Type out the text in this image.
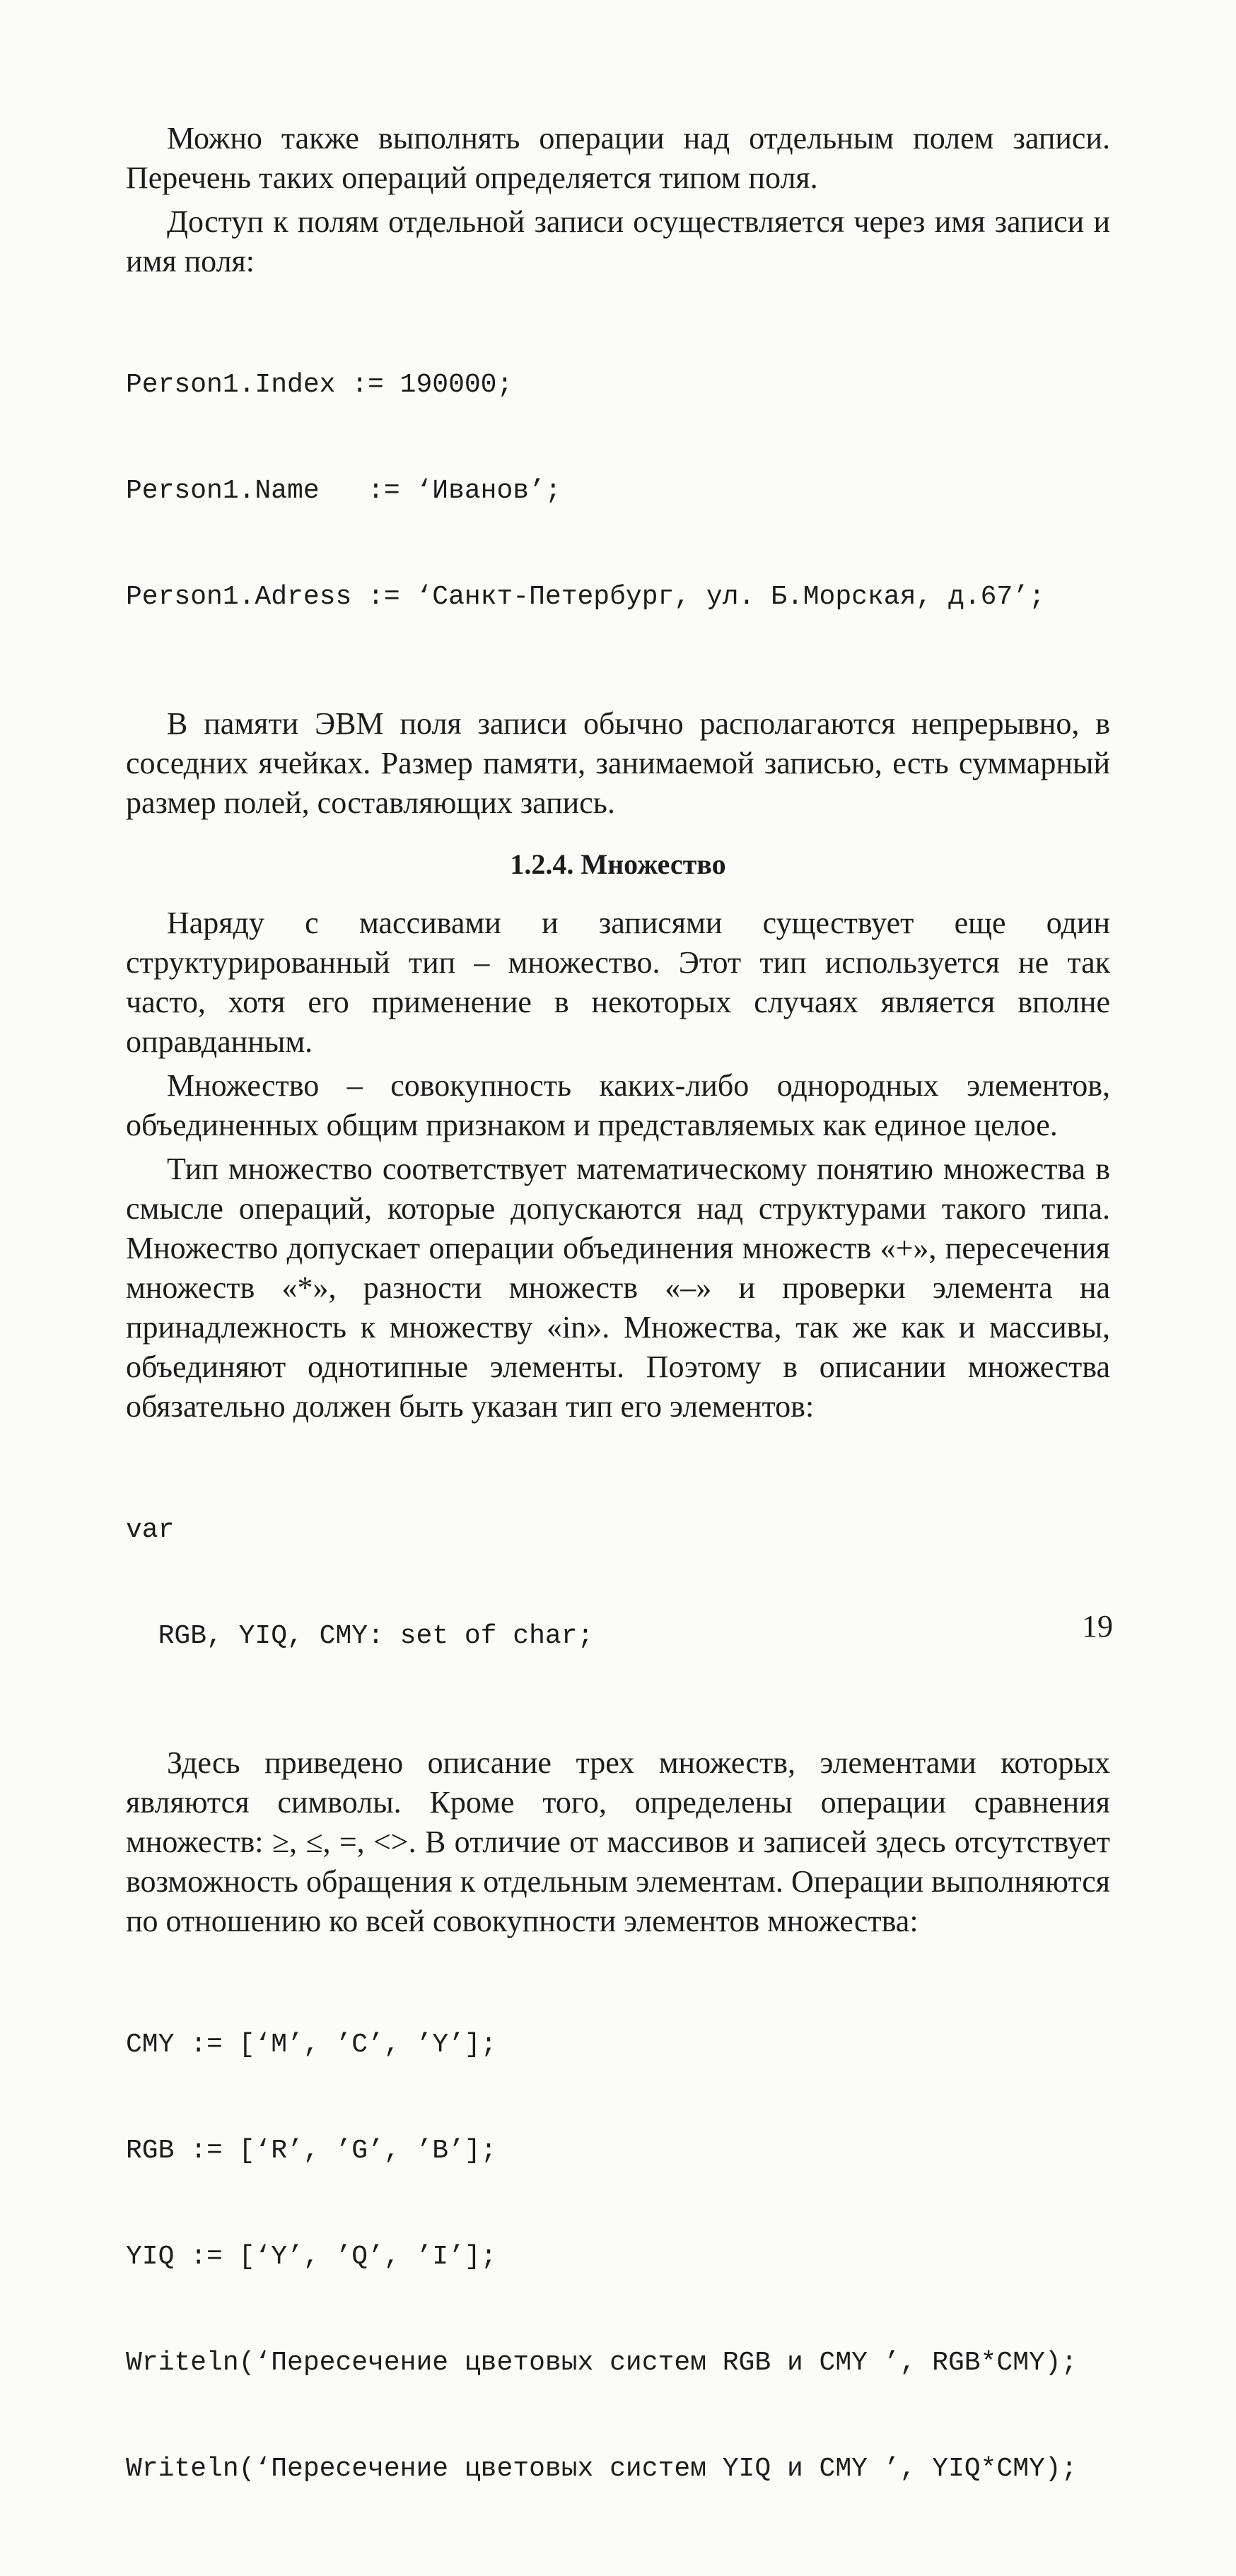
Можно также выполнять операции над отдельным полем записи. Перечень таких операций определяется типом поля.

Доступ к полям отдельной записи осуществляется через имя записи и имя поля:

Person1.Index := 190000;

Person1.Name   := ‘Иванов’;

Person1.Adress := ‘Санкт-Петербург, ул. Б.Морская, д.67’;

В памяти ЭВМ поля записи обычно располагаются непрерывно, в соседних ячейках. Размер памяти, занимаемой записью, есть суммарный размер полей, составляющих запись.

1.2.4. Множество

Наряду с массивами и записями существует еще один структурированный тип – множество. Этот тип используется не так часто, хотя его применение в некоторых случаях является вполне оправданным.

Множество – совокупность каких-либо однородных элементов, объединенных общим признаком и представляемых как единое целое.

Тип множество соответствует математическому понятию множества в смысле операций, которые допускаются над структурами такого типа. Множество допускает операции объединения множеств «+», пересечения множеств «*», разности множеств «–» и проверки элемента на принадлежность к множеству «in». Множества, так же как и массивы, объединяют однотипные элементы. Поэтому в описании множества обязательно должен быть указан тип его элементов:

var

RGB, YIQ, CMY: set of char;

Здесь приведено описание трех множеств, элементами которых являются символы. Кроме того, определены операции сравнения множеств: ≥, ≤, =, <>. В отличие от массивов и записей здесь отсутствует возможность обращения к отдельным элементам. Операции выполняются по отношению ко всей совокупности элементов множества:

CMY := [‘M’, ’C’, ’Y’];

RGB := [‘R’, ’G’, ’B’];

YIQ := [‘Y’, ’Q’, ’I’];

Writeln(‘Пересечение цветовых систем RGB и CMY ’, RGB*CMY);

Writeln(‘Пересечение цветовых систем YIQ и CMY ’, YIQ*CMY);

19
